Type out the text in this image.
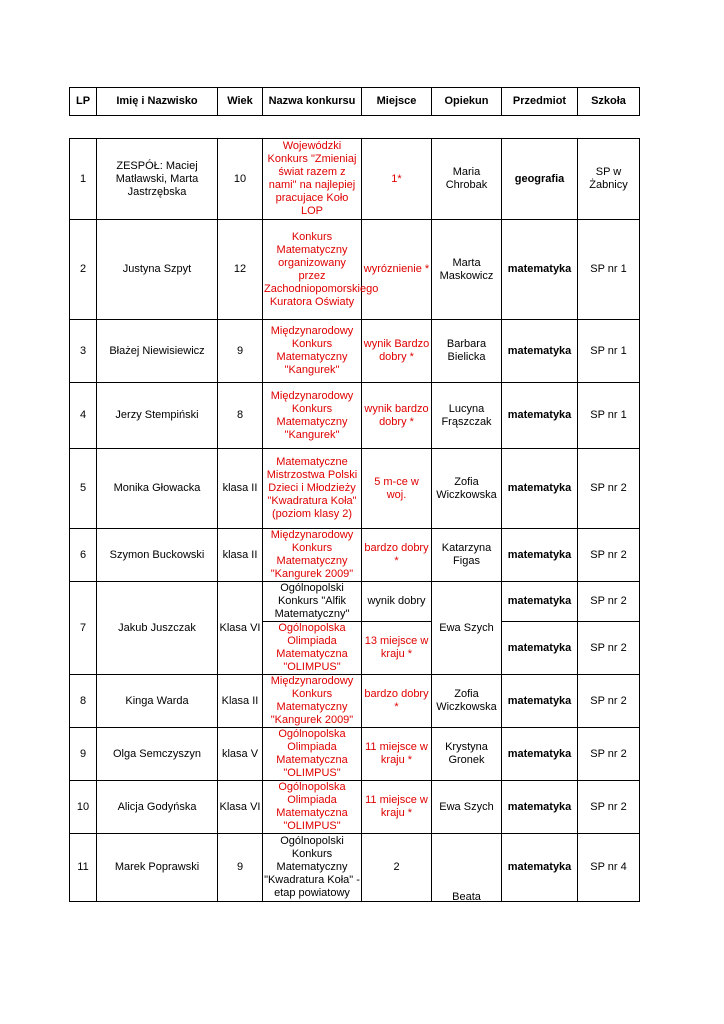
LP	Imię i Nazwisko	Wiek	Nazwa konkursu	Miejsce	Opiekun	Przedmiot	Szkoła
1	ZESPÓŁ: Maciej Matławski, Marta Jastrzębska	10	Wojewódzki Konkurs "Zmieniaj świat razem z nami" na najlepiej pracujace Koło LOP	1*	Maria Chrobak	geografia	SP w Żabnicy
2	Justyna Szpyt	12	Konkurs Matematyczny organizowany przez Zachodniopomorskiego Kuratora Oświaty	wyróznienie *	Marta Maskowicz	matematyka	SP nr 1
3	Błażej Niewisiewicz	9	Międzynarodowy Konkurs Matematyczny "Kangurek"	wynik Bardzo dobry *	Barbara Bielicka	matematyka	SP nr 1
4	Jerzy Stempiński	8	Międzynarodowy Konkurs Matematyczny "Kangurek"	wynik bardzo dobry *	Lucyna Frąszczak	matematyka	SP nr 1
5	Monika Głowacka	klasa II	Matematyczne Mistrzostwa Polski Dzieci i Młodzieży "Kwadratura Koła" (poziom klasy 2)	5 m-ce w woj.	Zofia Wiczkowska	matematyka	SP nr 2
6	Szymon Buckowski	klasa II	Międzynarodowy Konkurs Matematyczny "Kangurek 2009"	bardzo dobry *	Katarzyna Figas	matematyka	SP nr 2
7	Jakub Juszczak	Klasa VI	Ogólnopolski Konkurs "Alfik Matematyczny"	wynik dobry	Ewa Szych	matematyka	SP nr 2
			Ogólnopolska Olimpiada Matematyczna "OLIMPUS"	13 miejsce w kraju *		matematyka	SP nr 2
8	Kinga Warda	Klasa II	Międzynarodowy Konkurs Matematyczny "Kangurek 2009"	bardzo dobry *	Zofia Wiczkowska	matematyka	SP nr 2
9	Olga Semczyszyn	klasa V	Ogólnopolska Olimpiada Matematyczna "OLIMPUS"	11 miejsce w kraju *	Krystyna Gronek	matematyka	SP nr 2
10	Alicja Godyńska	Klasa VI	Ogólnopolska Olimpiada Matematyczna "OLIMPUS"	11 miejsce w kraju *	Ewa Szych	matematyka	SP nr 2
11	Marek Poprawski	9	Ogólnopolski Konkurs Matematyczny "Kwadratura Koła" - etap powiatowy	2	Beata	matematyka	SP nr 4
